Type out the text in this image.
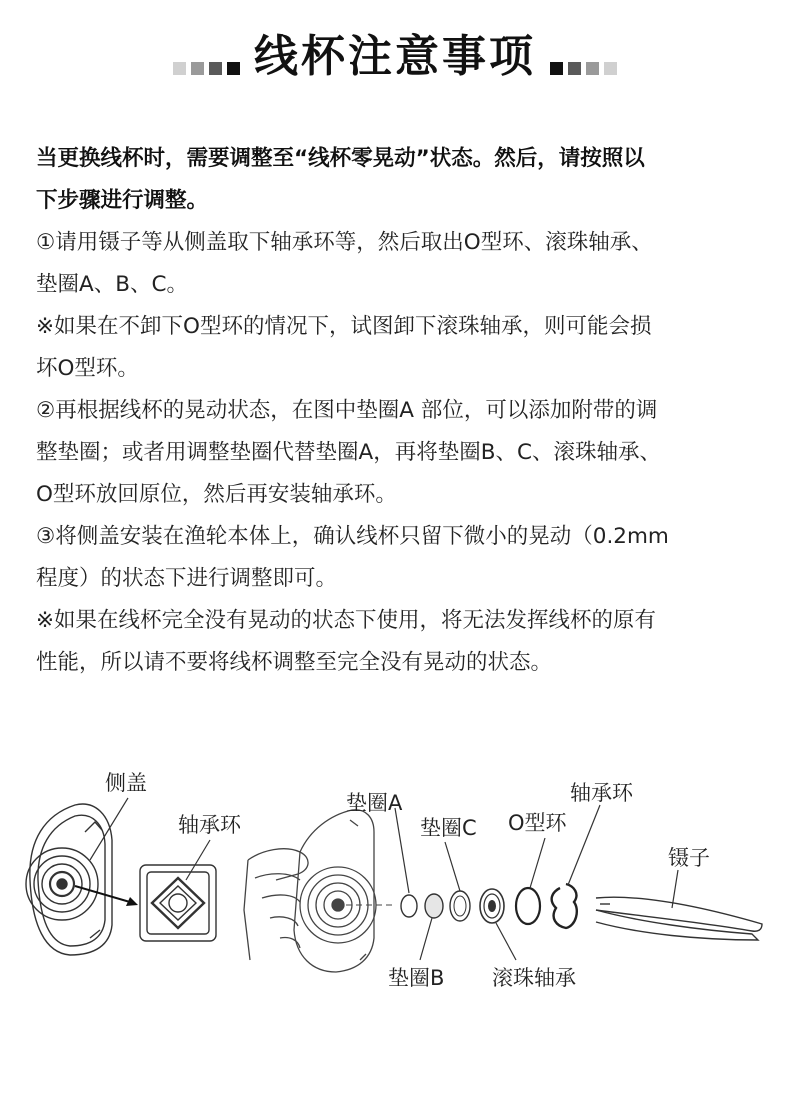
线杯注意事项

当更换线杯时，需要调整至“线杯零晃动”状态。然后，请按照以

下步骤进行调整。

①请用镊子等从侧盖取下轴承环等，然后取出O型环、滚珠轴承、

垫圈A、B、C。

※如果在不卸下O型环的情况下，试图卸下滚珠轴承，则可能会损

坏O型环。

②再根据线杯的晃动状态，在图中垫圈A 部位，可以添加附带的调

整垫圈；或者用调整垫圈代替垫圈A，再将垫圈B、C、滚珠轴承、

O型环放回原位，然后再安装轴承环。

③将侧盖安装在渔轮本体上，确认线杯只留下微小的晃动（0.2mm

程度）的状态下进行调整即可。

※如果在线杯完全没有晃动的状态下使用，将无法发挥线杯的原有

性能，所以请不要将线杯调整至完全没有晃动的状态。

侧盖
轴承环
垫圈A
垫圈C O型环
轴承环
镊子
垫圈B 滚珠轴承
